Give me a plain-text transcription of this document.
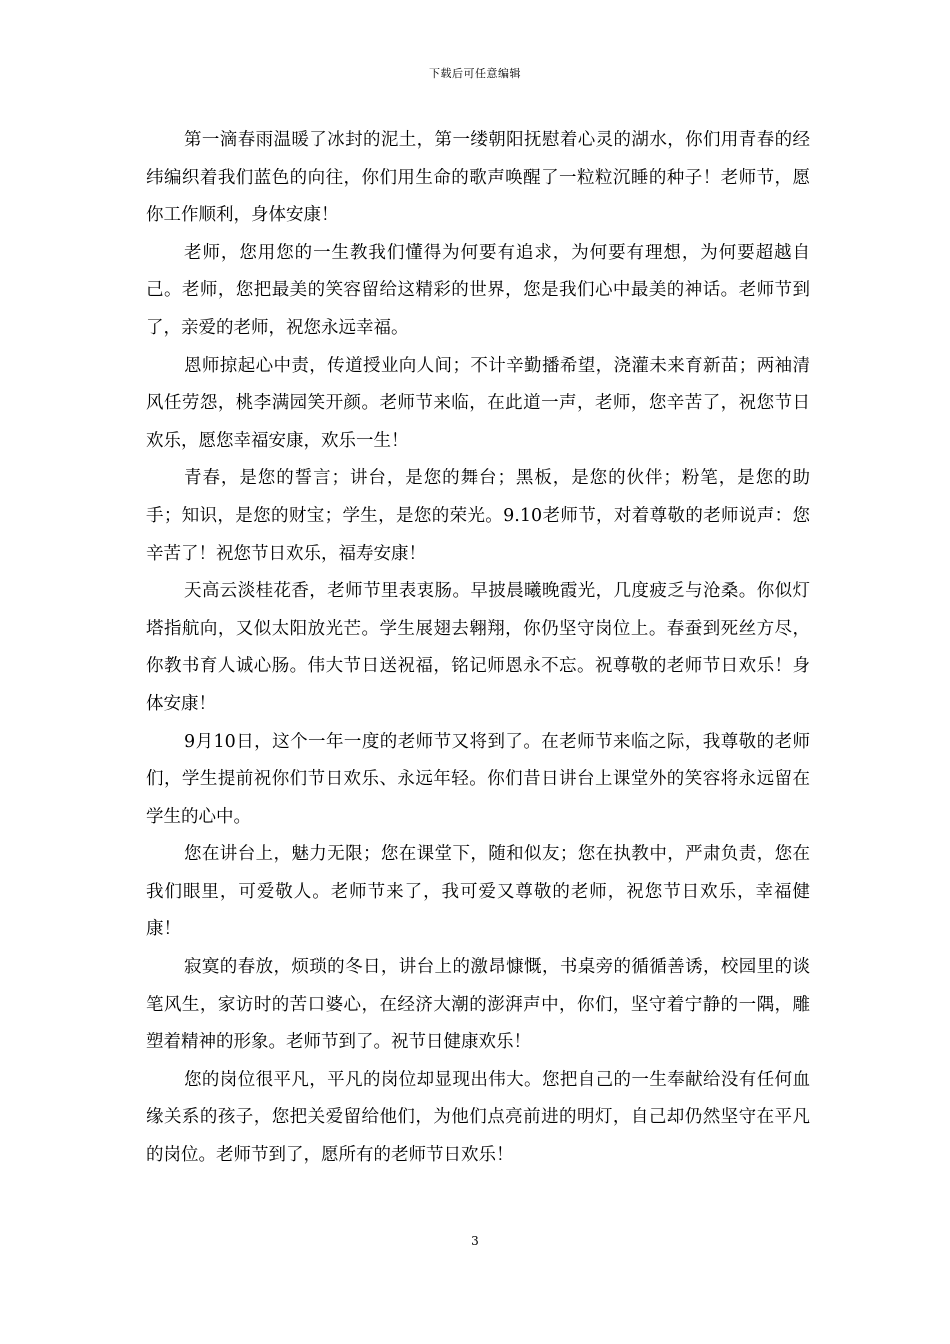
下载后可任意编辑

第一滴春雨温暖了冰封的泥土，第一缕朝阳抚慰着心灵的湖水，你们用青春的经纬编织着我们蓝色的向往，你们用生命的歌声唤醒了一粒粒沉睡的种子！老师节，愿你工作顺利，身体安康！

老师，您用您的一生教我们懂得为何要有追求，为何要有理想，为何要超越自己。老师，您把最美的笑容留给这精彩的世界，您是我们心中最美的神话。老师节到了，亲爱的老师，祝您永远幸福。

恩师掠起心中责，传道授业向人间；不计辛勤播希望，浇灌未来育新苗；两袖清风任劳怨，桃李满园笑开颜。老师节来临，在此道一声，老师，您辛苦了，祝您节日欢乐，愿您幸福安康，欢乐一生！

青春，是您的誓言；讲台，是您的舞台；黑板，是您的伙伴；粉笔，是您的助手；知识，是您的财宝；学生，是您的荣光。9.10老师节，对着尊敬的老师说声：您辛苦了！祝您节日欢乐，福寿安康！

天高云淡桂花香，老师节里表衷肠。早披晨曦晚霞光，几度疲乏与沧桑。你似灯塔指航向，又似太阳放光芒。学生展翅去翱翔，你仍坚守岗位上。春蚕到死丝方尽，你教书育人诚心肠。伟大节日送祝福，铭记师恩永不忘。祝尊敬的老师节日欢乐！身体安康！

9月10日，这个一年一度的老师节又将到了。在老师节来临之际，我尊敬的老师们，学生提前祝你们节日欢乐、永远年轻。你们昔日讲台上课堂外的笑容将永远留在学生的心中。

您在讲台上，魅力无限；您在课堂下，随和似友；您在执教中，严肃负责，您在我们眼里，可爱敬人。老师节来了，我可爱又尊敬的老师，祝您节日欢乐，幸福健康！

寂寞的春放，烦琐的冬日，讲台上的激昂慷慨，书桌旁的循循善诱，校园里的谈笔风生，家访时的苦口婆心，在经济大潮的澎湃声中，你们，坚守着宁静的一隅，雕塑着精神的形象。老师节到了。祝节日健康欢乐！

您的岗位很平凡，平凡的岗位却显现出伟大。您把自己的一生奉献给没有任何血缘关系的孩子，您把关爱留给他们，为他们点亮前进的明灯，自己却仍然坚守在平凡的岗位。老师节到了，愿所有的老师节日欢乐！

3
